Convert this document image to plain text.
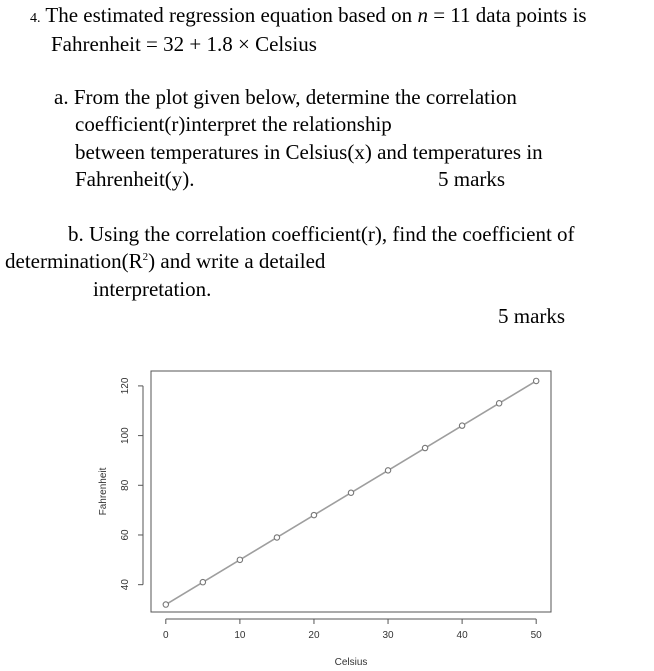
4. The estimated regression equation based on n = 11 data points is
Fahrenheit = 32 + 1.8 × Celsius
a. From the plot given below, determine the correlation
coefficient(r)interpret the relationship
between temperatures in Celsius(x) and temperatures in
Fahrenheit(y).	5 marks
b. Using the correlation coefficient(r), find the coefficient of
$determination(R^2)$ and write a detailed
interpretation.
5 marks
0	10	20	30	40	50
Celsius
40
60
80
100
120
Fahrenheit
